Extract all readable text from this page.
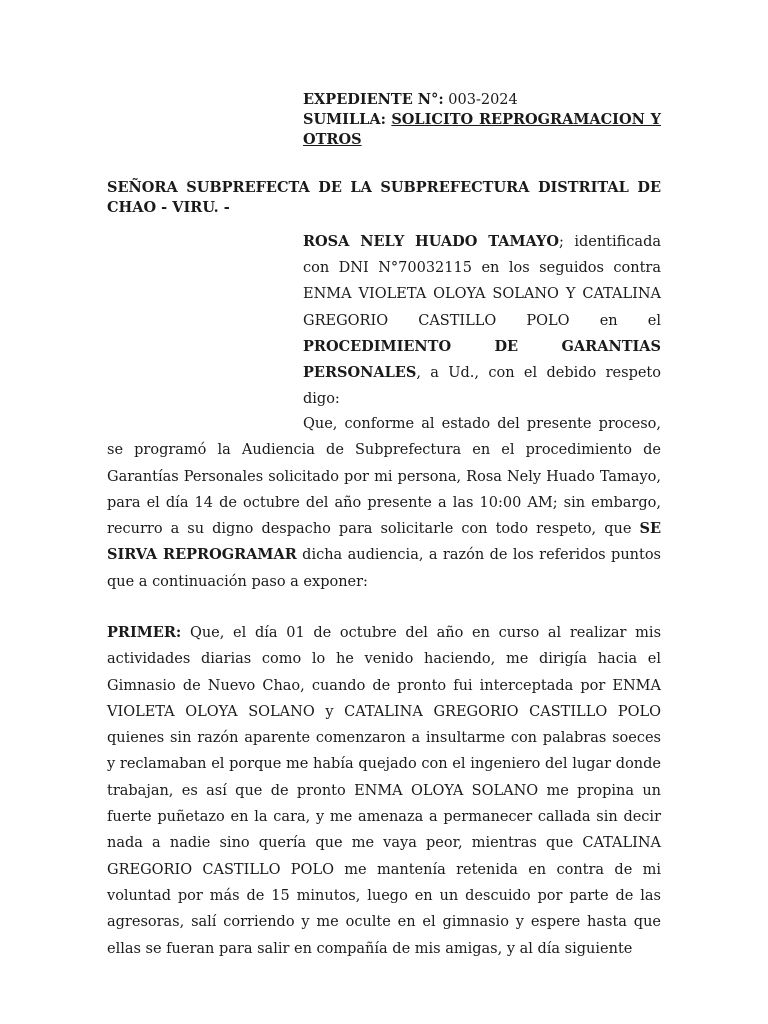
EXPEDIENTE N°: 003-2024
SUMILLA: SOLICITO REPROGRAMACION Y
OTROS
SEÑORA SUBPREFECTA DE LA SUBPREFECTURA DISTRITAL DE CHAO - VIRU. -
ROSA NELY HUADO TAMAYO; identificada con DNI N°70032115 en los seguidos contra ENMA VIOLETA OLOYA SOLANO Y CATALINA GREGORIO CASTILLO POLO en el PROCEDIMIENTO DE GARANTIAS PERSONALES, a Ud., con el debido respeto digo:
Que, conforme al estado del presente proceso, se programó la Audiencia de Subprefectura en el procedimiento de Garantías Personales solicitado por mi persona, Rosa Nely Huado Tamayo, para el día 14 de octubre del año presente a las 10:00 AM; sin embargo, recurro a su digno despacho para solicitarle con todo respeto, que SE SIRVA REPROGRAMAR dicha audiencia, a razón de los referidos puntos que a continuación paso a exponer:
PRIMER: Que, el día 01 de octubre del año en curso al realizar mis actividades diarias como lo he venido haciendo, me dirigía hacia el Gimnasio de Nuevo Chao, cuando de pronto fui interceptada por ENMA VIOLETA OLOYA SOLANO y CATALINA GREGORIO CASTILLO POLO quienes sin razón aparente comenzaron a insultarme con palabras soeces y reclamaban el porque me había quejado con el ingeniero del lugar donde trabajan, es así que de pronto ENMA OLOYA SOLANO me propina un fuerte puñetazo en la cara, y me amenaza a permanecer callada sin decir nada a nadie sino quería que me vaya peor, mientras que CATALINA GREGORIO CASTILLO POLO me mantenía retenida en contra de mi voluntad por más de 15 minutos, luego en un descuido por parte de las agresoras, salí corriendo y me oculte en el gimnasio y espere hasta que ellas se fueran para salir en compañía de mis amigas, y al día siguiente
